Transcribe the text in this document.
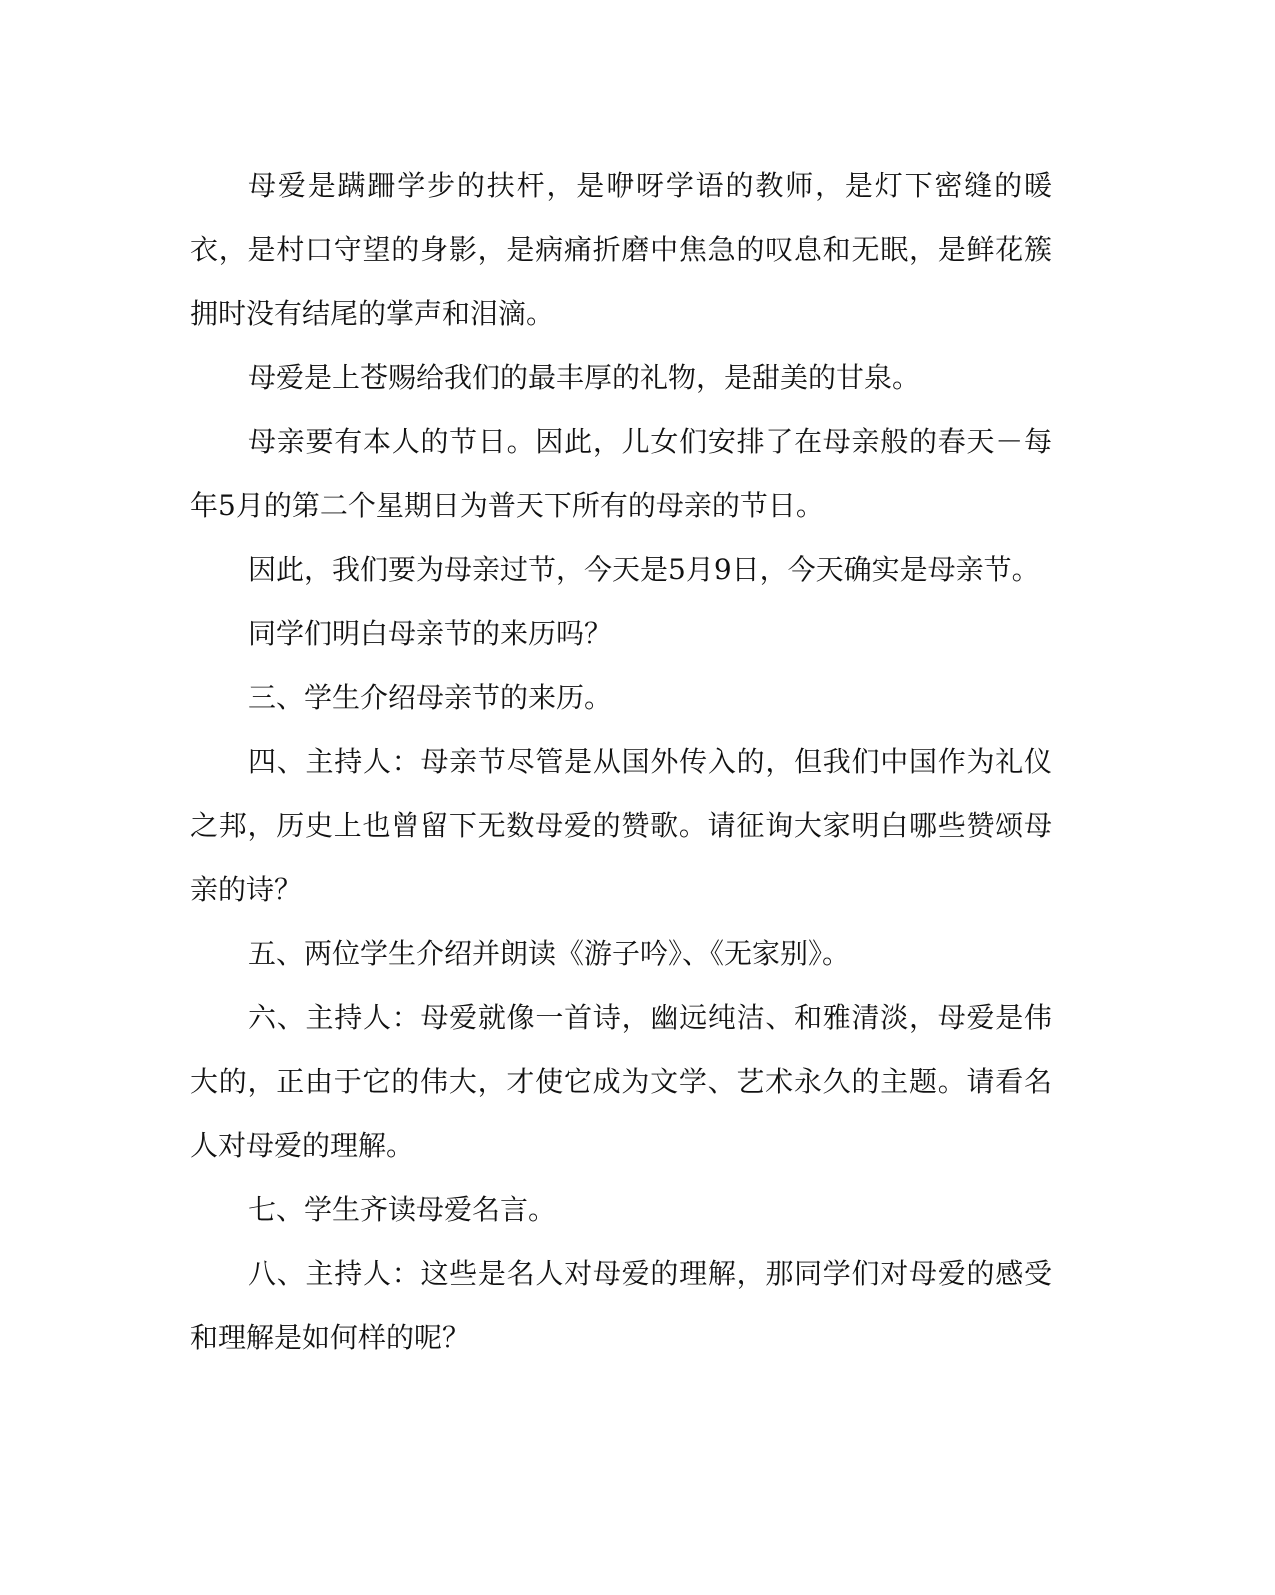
母爱是蹒跚学步的扶杆，是咿呀学语的教师，是灯下密缝的暖衣，是村口守望的身影，是病痛折磨中焦急的叹息和无眠，是鲜花簇拥时没有结尾的掌声和泪滴。

母爱是上苍赐给我们的最丰厚的礼物，是甜美的甘泉。

母亲要有本人的节日。因此，儿女们安排了在母亲般的春天－每年5月的第二个星期日为普天下所有的母亲的节日。

因此，我们要为母亲过节，今天是5月9日，今天确实是母亲节。

同学们明白母亲节的来历吗？

三、学生介绍母亲节的来历。

四、主持人：母亲节尽管是从国外传入的，但我们中国作为礼仪之邦，历史上也曾留下无数母爱的赞歌。请征询大家明白哪些赞颂母亲的诗？

五、两位学生介绍并朗读《游子吟》、《无家别》。

六、主持人：母爱就像一首诗，幽远纯洁、和雅清淡，母爱是伟大的，正由于它的伟大，才使它成为文学、艺术永久的主题。请看名人对母爱的理解。

七、学生齐读母爱名言。

八、主持人：这些是名人对母爱的理解，那同学们对母爱的感受和理解是如何样的呢？
